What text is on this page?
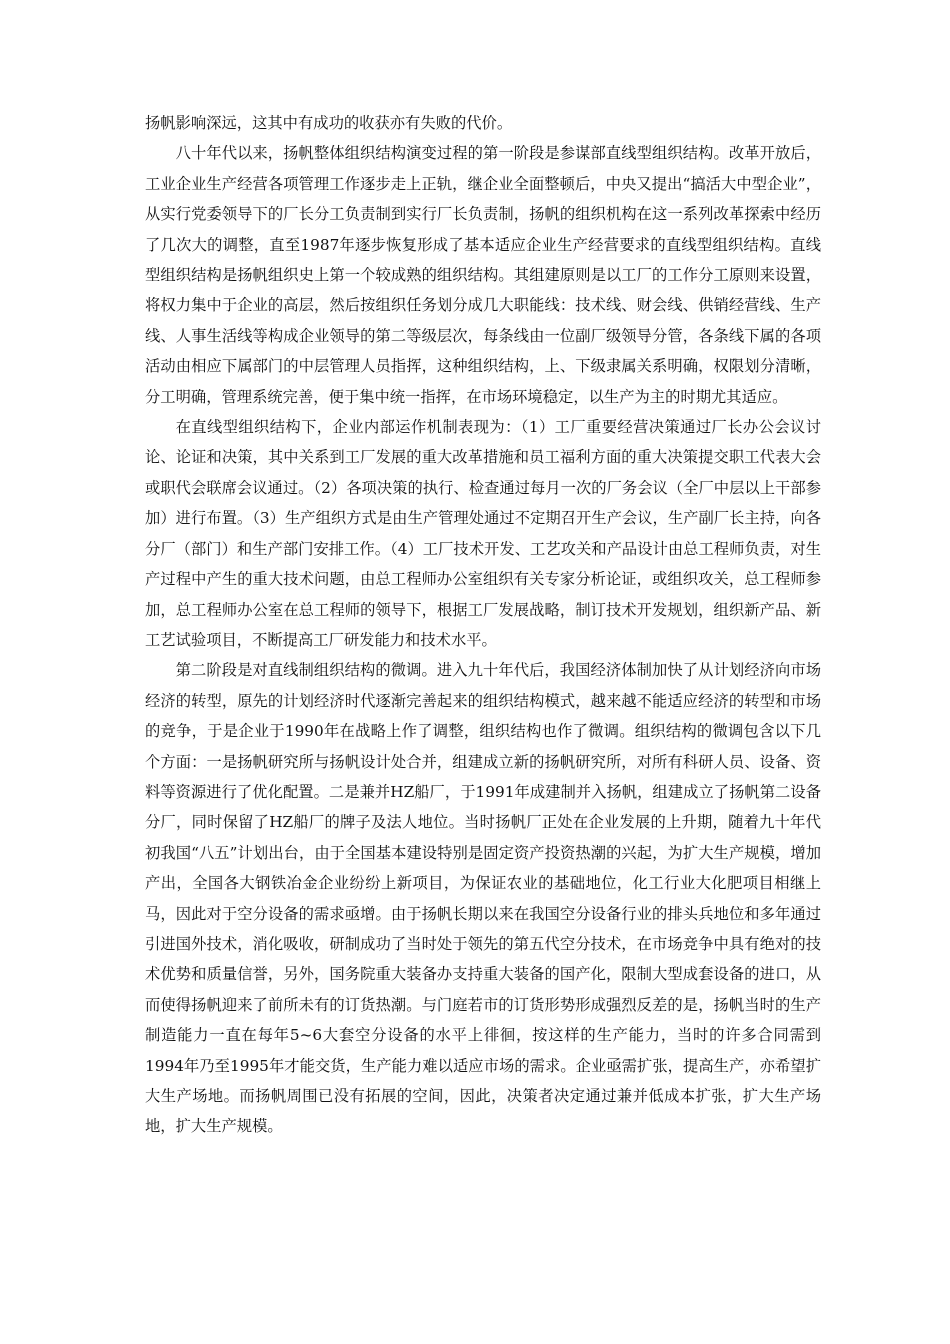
扬帆影响深远，这其中有成功的收获亦有失败的代价。

八十年代以来，扬帆整体组织结构演变过程的第一阶段是参谋部直线型组织结构。改革开放后，工业企业生产经营各项管理工作逐步走上正轨，继企业全面整顿后，中央又提出“搞活大中型企业”，从实行党委领导下的厂长分工负责制到实行厂长负责制，扬帆的组织机构在这一系列改革探索中经历了几次大的调整，直至1987年逐步恢复形成了基本适应企业生产经营要求的直线型组织结构。直线型组织结构是扬帆组织史上第一个较成熟的组织结构。其组建原则是以工厂的工作分工原则来设置，将权力集中于企业的高层，然后按组织任务划分成几大职能线：技术线、财会线、供销经营线、生产线、人事生活线等构成企业领导的第二等级层次，每条线由一位副厂级领导分管，各条线下属的各项活动由相应下属部门的中层管理人员指挥，这种组织结构，上、下级隶属关系明确，权限划分清晰，分工明确，管理系统完善，便于集中统一指挥，在市场环境稳定，以生产为主的时期尤其适应。

在直线型组织结构下，企业内部运作机制表现为：（1）工厂重要经营决策通过厂长办公会议讨论、论证和决策，其中关系到工厂发展的重大改革措施和员工福利方面的重大决策提交职工代表大会或职代会联席会议通过。（2）各项决策的执行、检查通过每月一次的厂务会议（全厂中层以上干部参加）进行布置。（3）生产组织方式是由生产管理处通过不定期召开生产会议，生产副厂长主持，向各分厂（部门）和生产部门安排工作。（4）工厂技术开发、工艺攻关和产品设计由总工程师负责，对生产过程中产生的重大技术问题，由总工程师办公室组织有关专家分析论证，或组织攻关，总工程师参加，总工程师办公室在总工程师的领导下，根据工厂发展战略，制订技术开发规划，组织新产品、新工艺试验项目，不断提高工厂研发能力和技术水平。

第二阶段是对直线制组织结构的微调。进入九十年代后，我国经济体制加快了从计划经济向市场经济的转型，原先的计划经济时代逐渐完善起来的组织结构模式，越来越不能适应经济的转型和市场的竞争，于是企业于1990年在战略上作了调整，组织结构也作了微调。组织结构的微调包含以下几个方面：一是扬帆研究所与扬帆设计处合并，组建成立新的扬帆研究所，对所有科研人员、设备、资料等资源进行了优化配置。二是兼并HZ船厂，于1991年成建制并入扬帆，组建成立了扬帆第二设备分厂，同时保留了HZ船厂的牌子及法人地位。当时扬帆厂正处在企业发展的上升期，随着九十年代初我国“八五”计划出台，由于全国基本建设特别是固定资产投资热潮的兴起，为扩大生产规模，增加产出，全国各大钢铁冶金企业纷纷上新项目，为保证农业的基础地位，化工行业大化肥项目相继上马，因此对于空分设备的需求亟增。由于扬帆长期以来在我国空分设备行业的排头兵地位和多年通过引进国外技术，消化吸收，研制成功了当时处于领先的第五代空分技术，在市场竞争中具有绝对的技术优势和质量信誉，另外，国务院重大装备办支持重大装备的国产化，限制大型成套设备的进口，从而使得扬帆迎来了前所未有的订货热潮。与门庭若市的订货形势形成强烈反差的是，扬帆当时的生产制造能力一直在每年5~6大套空分设备的水平上徘徊，按这样的生产能力，当时的许多合同需到1994年乃至1995年才能交货，生产能力难以适应市场的需求。企业亟需扩张，提高生产，亦希望扩大生产场地。而扬帆周围已没有拓展的空间，因此，决策者决定通过兼并低成本扩张，扩大生产场地，扩大生产规模。
